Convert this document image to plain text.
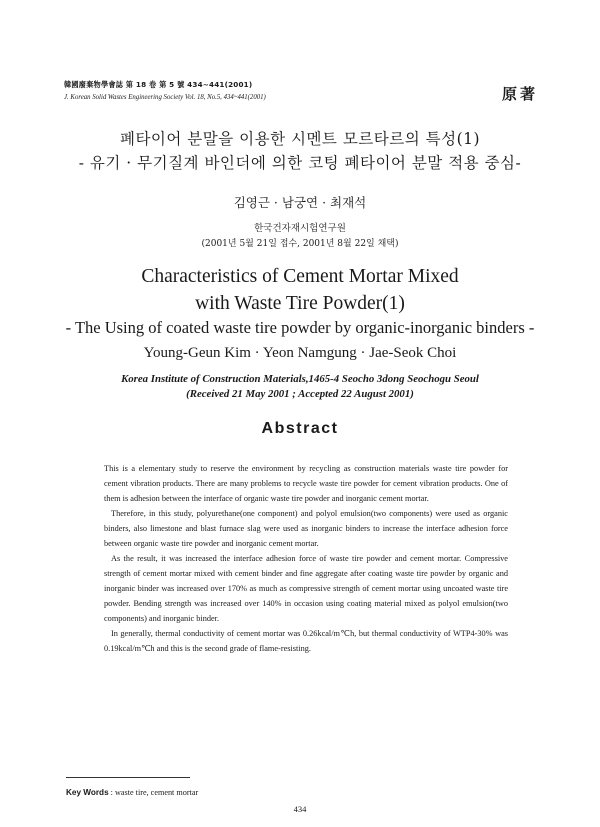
韓國廢棄物學會誌 第 18 卷 第 5 號 434~441(2001)
J. Korean Solid Wastes Engineering Society Vol. 18, No.5, 434~441(2001)	原著
폐타이어 분말을 이용한 시멘트 모르타르의 특성(1)
- 유기 · 무기질계 바인더에 의한 코팅 폐타이어 분말 적용 중심-
김영근 · 남궁연 · 최재석
한국건자재시험연구원
(2001년 5월 21일 접수, 2001년 8월 22일 채택)
Characteristics of Cement Mortar Mixed
with Waste Tire Powder(1)
- The Using of coated waste tire powder by organic-inorganic binders -
Young-Geun Kim · Yeon Namgung · Jae-Seok Choi
Korea Institute of Construction Materials,1465-4 Seocho 3dong Seochogu Seoul
(Received 21 May 2001 ; Accepted 22 August 2001)
Abstract

This is a elementary study to reserve the environment by recycling as construction materials waste tire powder for cement vibration products. There are many problems to recycle waste tire powder for cement vibration products. One of them is adhesion between the interface of organic waste tire powder and inorganic cement mortar.

Therefore, in this study, polyurethane(one component) and polyol emulsion(two components) were used as organic binders, also limestone and blast furnace slag were used as inorganic binders to increase the interface adhesion force between organic waste tire powder and inorganic cement mortar.

As the result, it was increased the interface adhesion force of waste tire powder and cement mortar. Compressive strength of cement mortar mixed with cement binder and fine aggregate after coating waste tire powder by organic and inorganic binder was increased over 170% as much as compressive strength of cement mortar using uncoated waste tire powder. Bending strength was increased over 140% in occasion using coating material mixed as polyol emulsion(two components) and inorganic binder.

In generally, thermal conductivity of cement mortar was 0.26kcal/m℃h, but thermal conductivity of WTP4-30% was 0.19kcal/m℃h and this is the second grade of flame-resisting.

Key Words : waste tire, cement mortar
434
